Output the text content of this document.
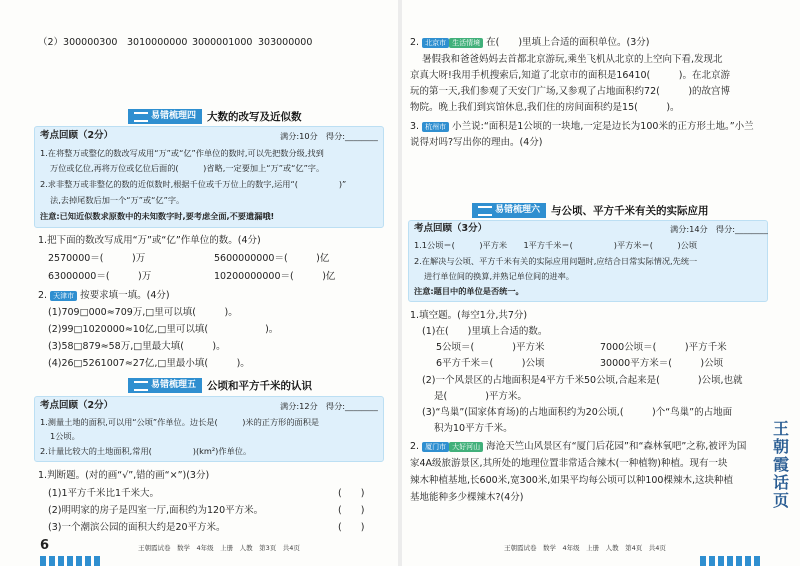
（2）300000300 3010000000 3000001000 303000000
易错梳理四 大数的改写及近似数
考点回顾（2分）	满分:10分　得分:________
1.在将整万或整亿的数改写成用“万”或“亿”作单位的数时,可以先把数分级,找到
万位或亿位,再将万位或亿位后面的(　　　)省略,一定要加上“万”或“亿”字。
2.求非整万或非整亿的数的近似数时,根据千位或千万位上的数字,运用“(　　　　　)”
法,去掉尾数后加一个“万”或“亿”字。
注意:已知近似数求原数中的未知数字时,要考虑全面,不要遗漏哦!
1.把下面的数改写成用“万”或“亿”作单位的数。(4分)
2570000＝(　　　)万	5600000000＝(　　　)亿
63000000＝(　　　)万	10200000000＝(　　　)亿
2. 天津市 按要求填一填。(4分)
(1)709□000≈709万,□里可以填(　　　)。
(2)99□1020000≈10亿,□里可以填(　　　　　　)。
(3)58□879≈58万,□里最大填(　　　)。
(4)26□5261007≈27亿,□里最小填(　　　)。
易错梳理五 公顷和平方千米的认识
考点回顾（2分）	满分:12分　得分:________
1.测量土地的面积,可以用“公顷”作单位。边长是(　　　)米的正方形的面积是
1公顷。
2.计量比较大的土地面积,常用(　　　　　)(km²)作单位。
1.判断题。(对的画“√”,错的画“×”)(3分)
(1)1平方千米比1千米大。	(　　)
(2)明明家的房子是四室一厅,面积约为120平方米。	(　　)
(3)一个潮滨公园的面积大约是20平方米。	(　　)
6	王朝霞试卷　数学　4年级　上册　人教　第3页　共4页
2. 北京市 生活情境 在(　　)里填上合适的面积单位。(3分)
暑假我和爸爸妈妈去首都北京游玩,乘坐飞机从北京的上空向下看,发现北
京真大呀!我用手机搜索后,知道了北京市的面积是16410(　　　)。在北京游
玩的第一天,我们参观了天安门广场,又参观了占地面积约72(　　　)的故宫博
物院。晚上我们到宾馆休息,我们住的房间面积约是15(　　　)。
3. 杭州市 小兰说:“面积是1公顷的一块地,一定是边长为100米的正方形土地。”小兰
说得对吗?写出你的理由。(4分)
易错梳理六 与公顷、平方千米有关的实际应用
考点回顾（3分）	满分:14分　得分:________
1.1公顷＝(　　　)平方米　　1平方千米＝(　　　　　)平方米＝(　　　)公顷
2.在解决与公顷、平方千米有关的实际应用问题时,应结合日常实际情况,先统一
进行单位间的换算,并熟记单位间的进率。
注意:题目中的单位是否统一。
1.填空题。(每空1分,共7分)
(1)在(　　)里填上合适的数。
5公顷＝(　　　　)平方米	7000公顷＝(　　　)平方千米
6平方千米＝(　　　)公顷	30000平方米＝(　　　)公顷
(2)一个风景区的占地面积是4平方千米50公顷,合起来是(　　　　)公顷,也就
是(　　　　)平方米。
(3)“鸟巢”(国家体育场)的占地面积约为20公顷,(　　　)个“鸟巢”的占地面
积为10平方千米。
2. 厦门市 大好河山 海沧天竺山风景区有“厦门后花园”和“森林氧吧”之称,被评为国
家4A级旅游景区,其所处的地理位置非常适合辣木(一种植物)种植。现有一块
辣木种植基地,长600米,宽300米,如果平均每公顷可以种100棵辣木,这块种植
基地能种多少棵辣木?(4分)
王朝霞试卷　数学　4年级　上册　人教　第4页　共4页
王
朝
霞
话
页
